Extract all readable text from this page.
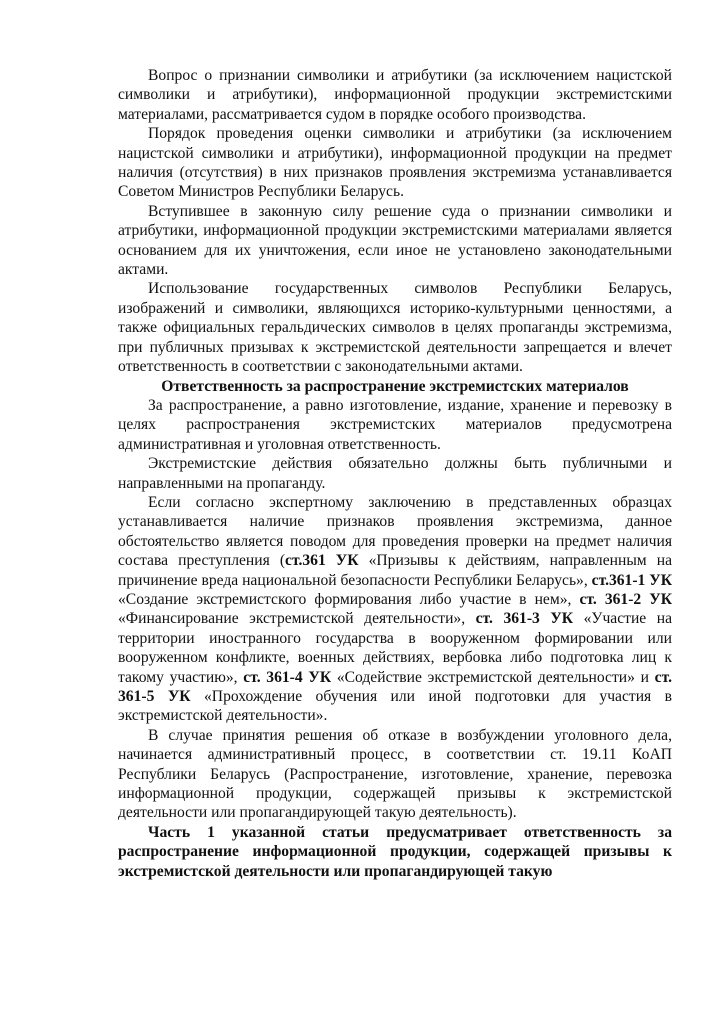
Вопрос о признании символики и атрибутики (за исключением нацистской символики и атрибутики), информационной продукции экстремистскими материалами, рассматривается судом в порядке особого производства.

Порядок проведения оценки символики и атрибутики (за исключением нацистской символики и атрибутики), информационной продукции на предмет наличия (отсутствия) в них признаков проявления экстремизма устанавливается Советом Министров Республики Беларусь.

Вступившее в законную силу решение суда о признании символики и атрибутики, информационной продукции экстремистскими материалами является основанием для их уничтожения, если иное не установлено законодательными актами.

Использование государственных символов Республики Беларусь, изображений и символики, являющихся историко-культурными ценностями, а также официальных геральдических символов в целях пропаганды экстремизма, при публичных призывах к экстремистской деятельности запрещается и влечет ответственность в соответствии с законодательными актами.

Ответственность за распространение экстремистских материалов

За распространение, а равно изготовление, издание, хранение и перевозку в целях распространения экстремистских материалов предусмотрена административная и уголовная ответственность.

Экстремистские действия обязательно должны быть публичными и направленными на пропаганду.

Если согласно экспертному заключению в представленных образцах устанавливается наличие признаков проявления экстремизма, данное обстоятельство является поводом для проведения проверки на предмет наличия состава преступления (ст.361 УК «Призывы к действиям, направленным на причинение вреда национальной безопасности Республики Беларусь», ст.361-1 УК «Создание экстремистского формирования либо участие в нем», ст. 361-2 УК «Финансирование экстремистской деятельности», ст. 361-3 УК «Участие на территории иностранного государства в вооруженном формировании или вооруженном конфликте, военных действиях, вербовка либо подготовка лиц к такому участию», ст. 361-4 УК «Содействие экстремистской деятельности» и ст. 361-5 УК «Прохождение обучения или иной подготовки для участия в экстремистской деятельности».

В случае принятия решения об отказе в возбуждении уголовного дела, начинается административный процесс, в соответствии ст. 19.11 КоАП Республики Беларусь (Распространение, изготовление, хранение, перевозка информационной продукции, содержащей призывы к экстремистской деятельности или пропагандирующей такую деятельность).

Часть 1 указанной статьи предусматривает ответственность за распространение информационной продукции, содержащей призывы к экстремистской деятельности или пропагандирующей такую
